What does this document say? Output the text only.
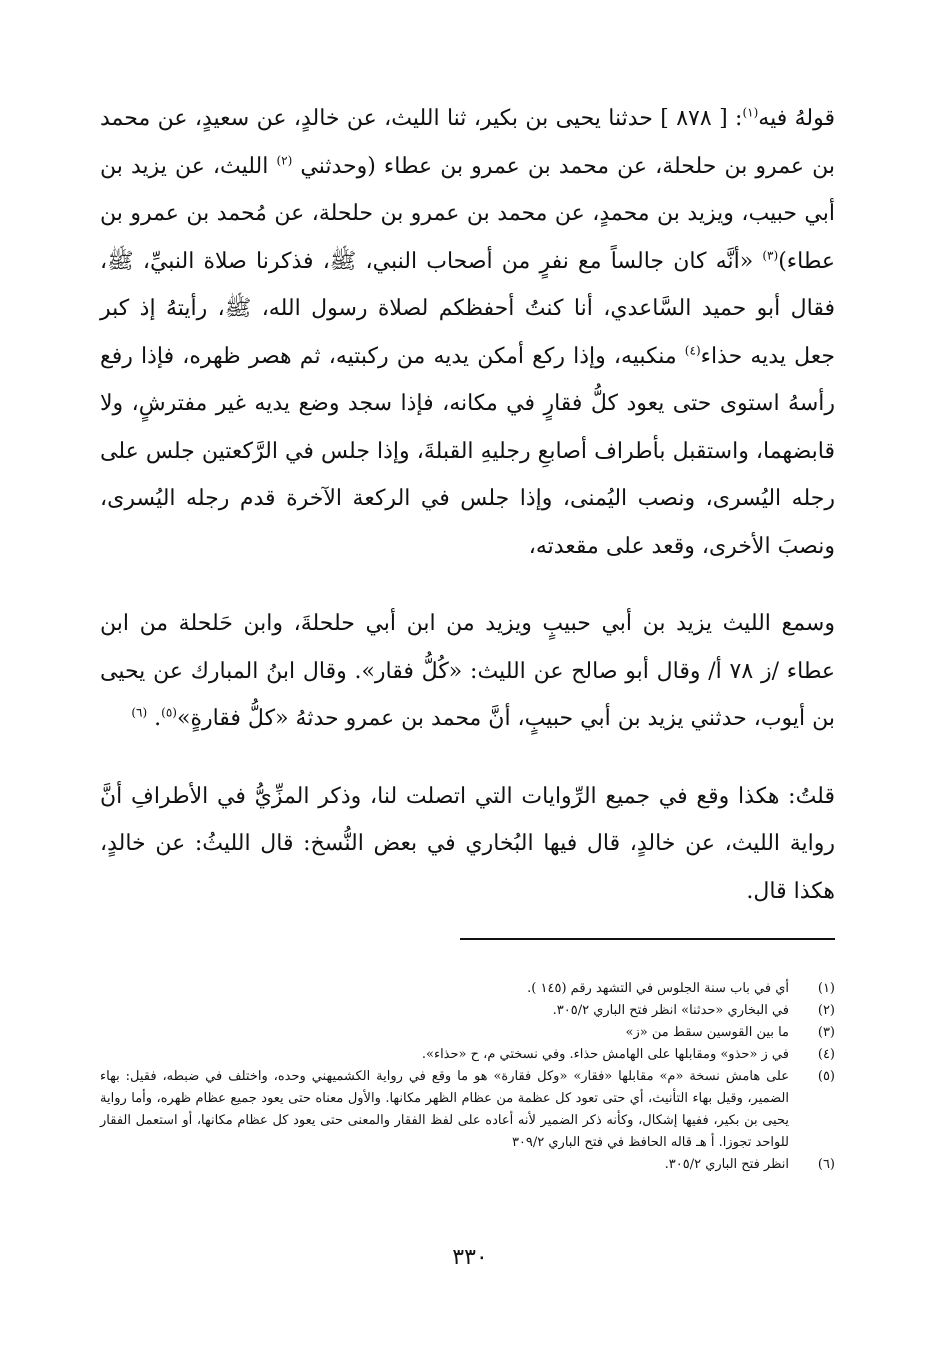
قولهُ فيه$^{(١)}$: [ ٨٧٨ ] حدثنا يحيى بن بكير، ثنا الليث، عن خالدٍ، عن سعيدٍ، عن محمد بن عمرو بن حلحلة، عن محمد بن عمرو بن عطاء (وحدثني $^{(٢)}$ الليث، عن يزيد بن أبي حبيب، ويزيد بن محمدٍ، عن محمد بن عمرو بن حلحلة، عن مُحمد بن عمرو بن عطاء)$^{(٣)}$ «أنَّه كان جالساً مع نفرٍ من أصحاب النبي، ﷺ، فذكرنا صلاة النبيِّ، ﷺ، فقال أبو حميد السَّاعدي، أنا كنتُ أحفظكم لصلاة رسول الله، ﷺ، رأيتهُ إذ كبر جعل يديه حذاء$^{(٤)}$ منكبيه، وإذا ركع أمكن يديه من ركبتيه، ثم هصر ظهره، فإذا رفع رأسهُ استوى حتى يعود كلُّ فقارٍ في مكانه، فإذا سجد وضع يديه غير مفترشٍ، ولا قابضهما، واستقبل بأطراف أصابعِ رجليهِ القبلةَ، وإذا جلس في الرَّكعتين جلس على رجله اليُسرى، ونصب اليُمنى، وإذا جلس في الركعة الآخرة قدم رجله اليُسرى، ونصبَ الأخرى، وقعد على مقعدته،

وسمع الليث يزيد بن أبي حبيبٍ ويزيد من ابن أبي حلحلةَ، وابن حَلحلة من ابن عطاء /ز ٧٨ أ/ وقال أبو صالح عن الليث: «كُلُّ فقار». وقال ابنُ المبارك عن يحيى بن أيوب، حدثني يزيد بن أبي حبيبٍ، أنَّ محمد بن عمرو حدثهُ «كلُّ فقارةٍ»$^{(٥)}$. $^{(٦)}$

قلتُ: هكذا وقع في جميع الرِّوايات التي اتصلت لنا، وذكر المزِّيُّ في الأطرافِ أنَّ رواية الليث، عن خالدٍ، قال فيها البُخاري في بعض النُّسخ: قال الليثُ: عن خالدٍ، هكذا قال.

(١)
أي في باب سنة الجلوس في التشهد رقم (١٤٥ ).
(٢)
في البخاري «حدثنا» انظر فتح الباري ٣٠٥/٢.
(٣)
ما بين القوسين سقط من «ز»
(٤)
في ز «حذو» ومقابلها على الهامش حذاء. وفي نسختي م، ح «حذاء».
(٥)
على هامش نسخة «م» مقابلها «فقار» «وكل فقارة» هو ما وقع في رواية الكشميهني وحده، واختلف في ضبطه، فقيل: بهاء الضمير، وقيل بهاء التأنيث، أي حتى تعود كل عظمة من عظام الظهر مكانها. والأول معناه حتى يعود جميع عظام ظهره، وأما رواية يحيى بن بكير، ففيها إشكال، وكأنه ذكر الضمير لأنه أعاده على لفظ الفقار والمعنى حتى يعود كل عظام مكانها، أو استعمل الفقار للواحد تجوزا. أ هـ قاله الحافظ في فتح الباري ٣٠٩/٢
(٦)
انظر فتح الباري ٣٠٥/٢.
٣٣٠
